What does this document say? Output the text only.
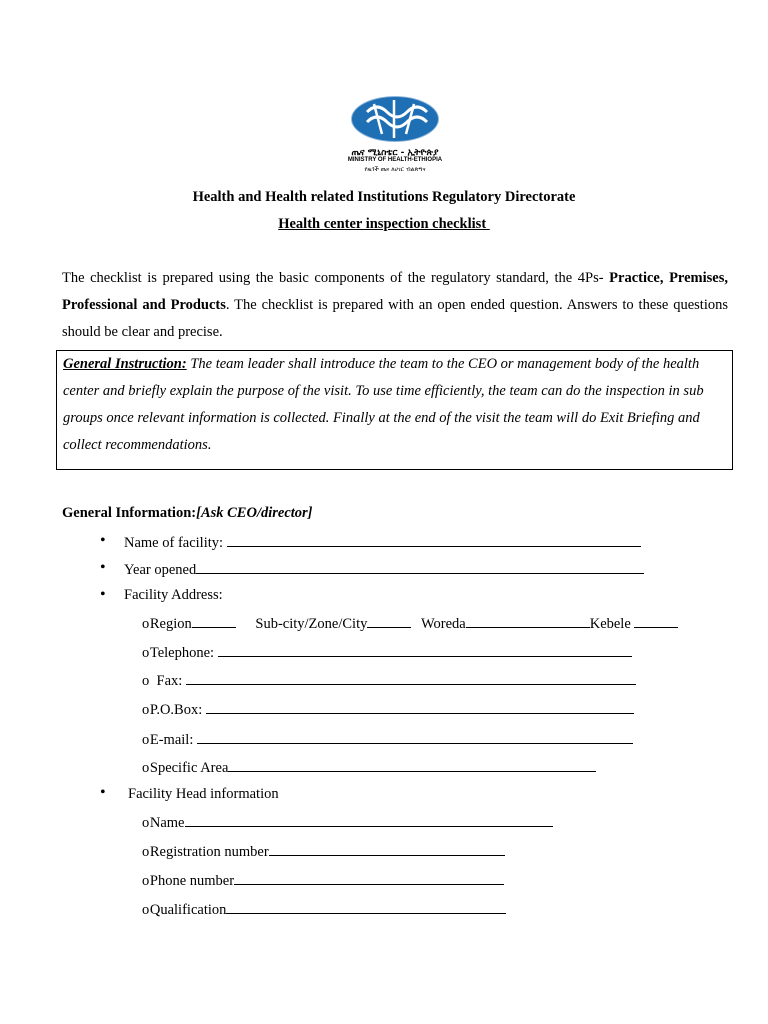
ጤና ሚኒስቴር - ኢትዮጵያ
MINISTRY OF HEALTH-ETHIOPIA
የዜጎች ጤና ለሀገር ብልጽግና
Health and Health related Institutions Regulatory Directorate
Health center inspection checklist
The checklist is prepared using the basic components of the regulatory standard, the 4Ps- Practice, Premises, Professional and Products. The checklist is prepared with an open ended question. Answers to these questions should be clear and precise.
General Instruction: The team leader shall introduce the team to the CEO or management body of the health center and briefly explain the purpose of the visit. To use time efficiently, the team can do the inspection in sub groups once relevant information is collected. Finally at the end of the visit the team will do Exit Briefing and collect recommendations.
General Information:[Ask CEO/director]
• Name of facility:
• Year opened
• Facility Address:
o Region	Sub-city/Zone/City	Woreda	Kebele
o Telephone:
o  Fax:
o P.O.Box:
o E-mail:
o Specific Area
• Facility Head information
o Name
o Registration number
o Phone number
o Qualification
